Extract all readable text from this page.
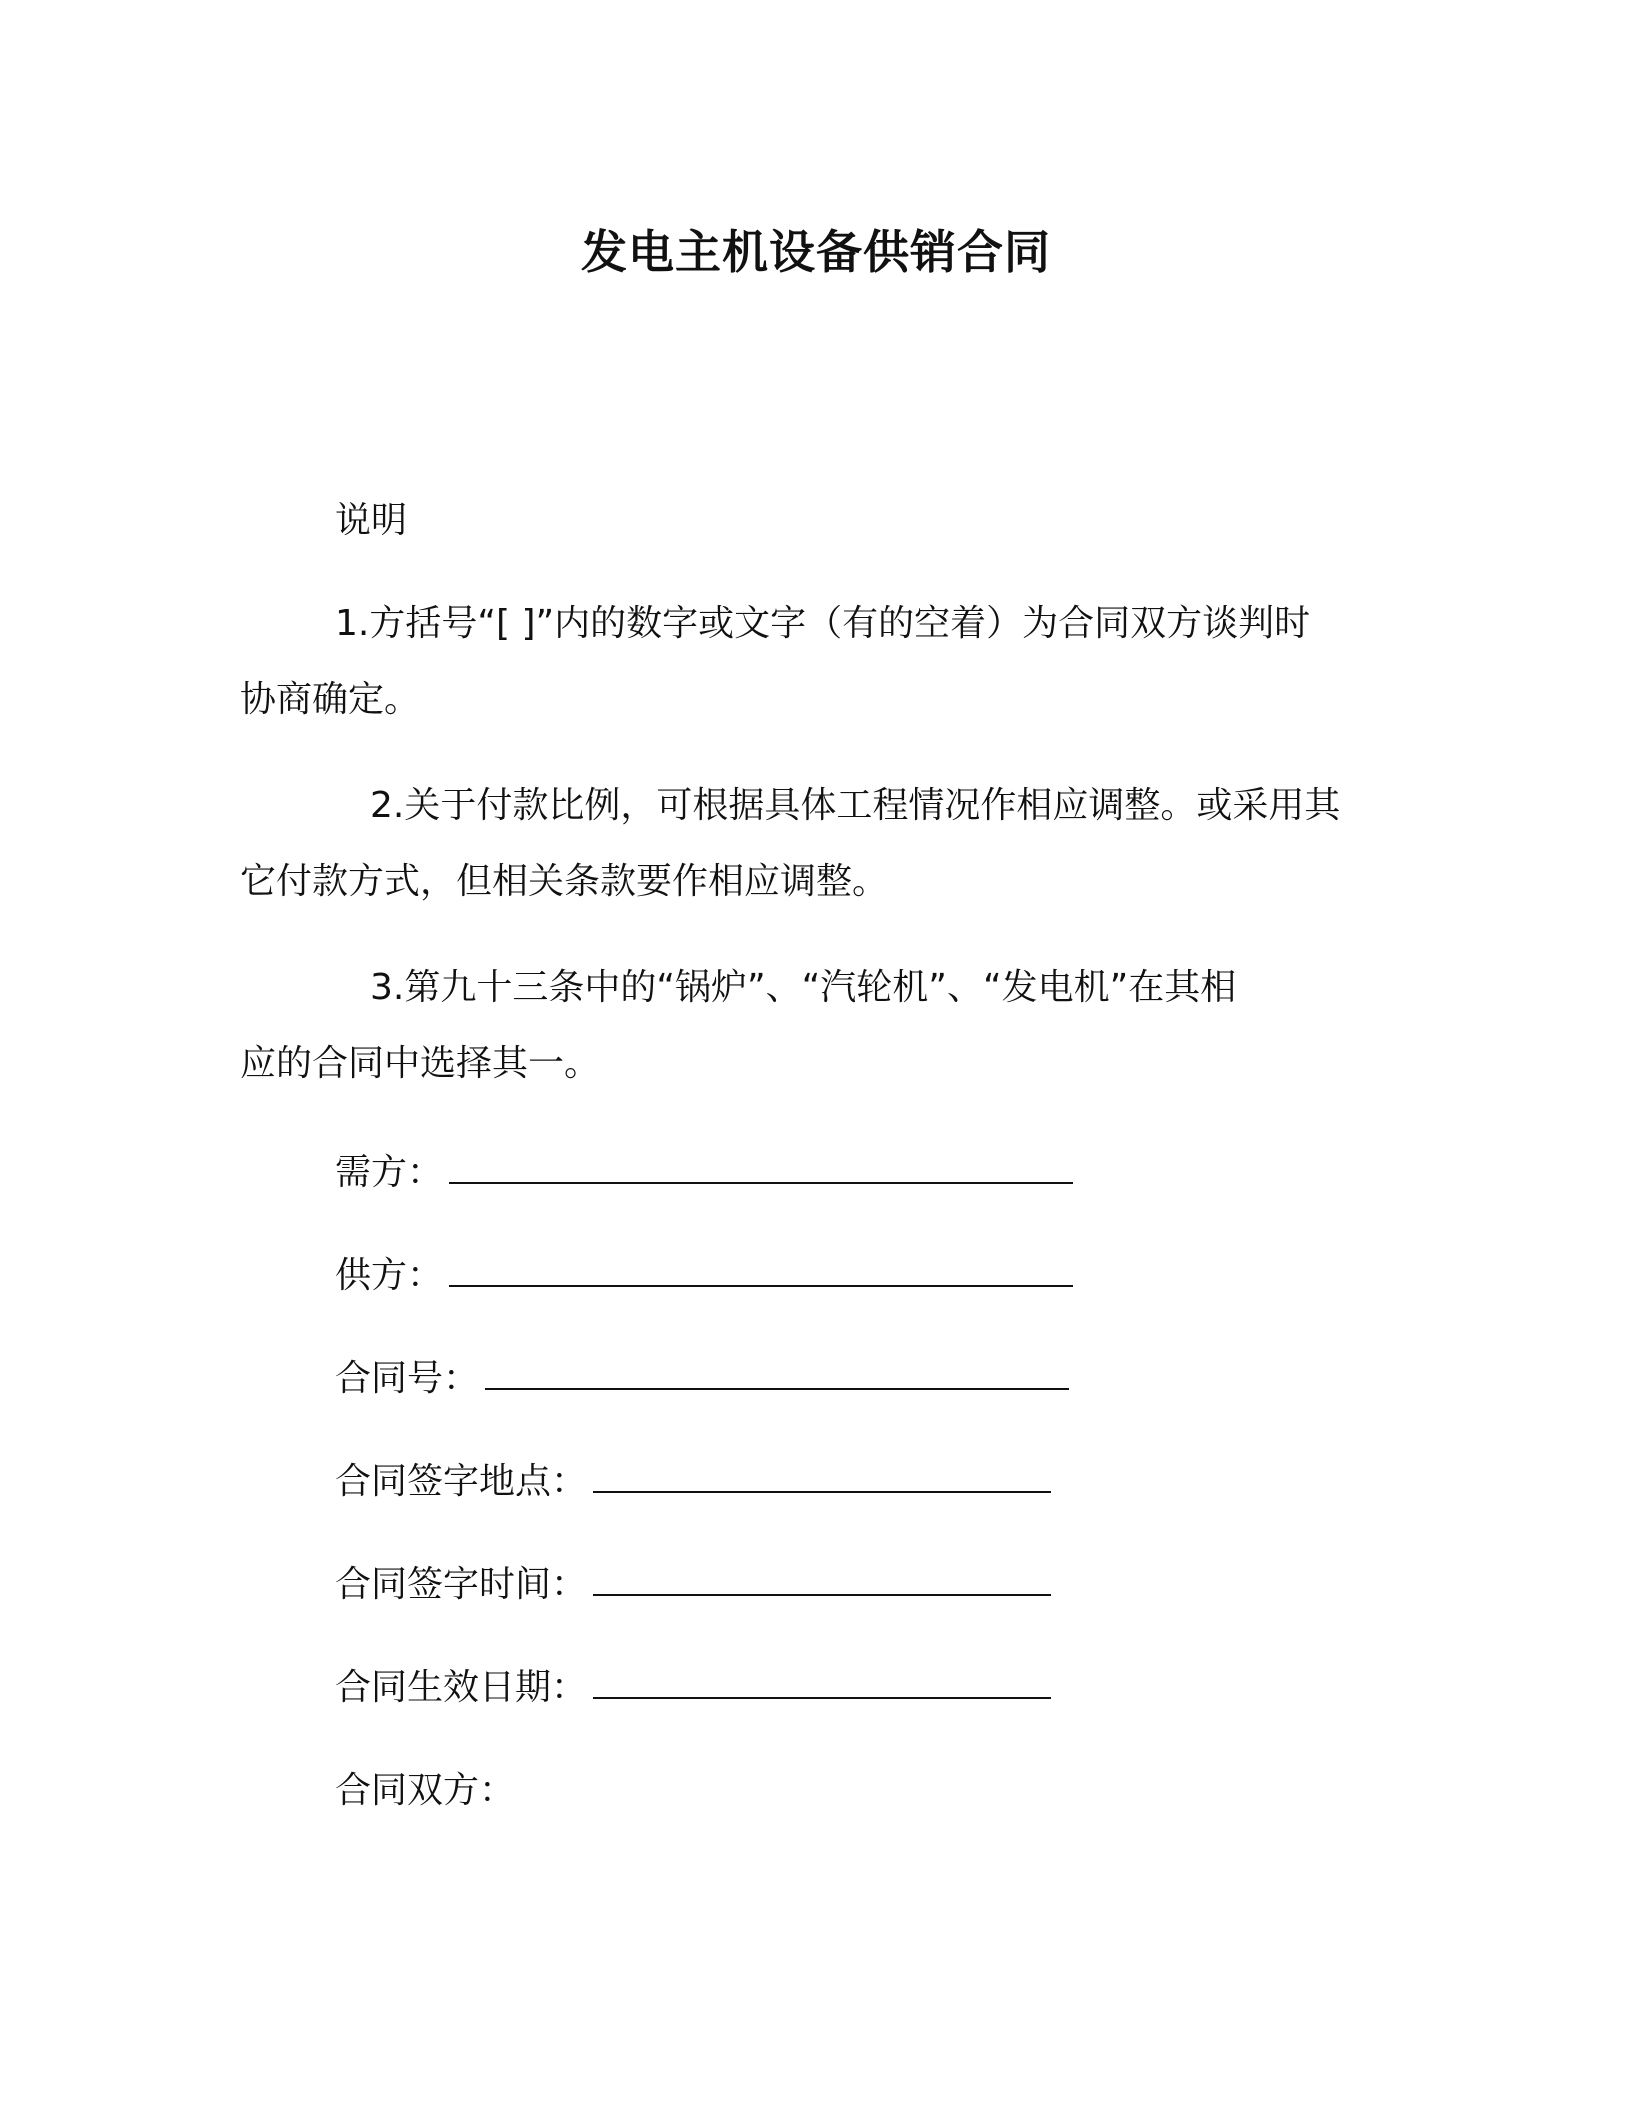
发电主机设备供销合同
说明
1.方括号“[ ]”内的数字或文字（有的空着）为合同双方谈判时
协商确定。
2.关于付款比例，可根据具体工程情况作相应调整。或采用其
它付款方式，但相关条款要作相应调整。
3.第九十三条中的“锅炉”、“汽轮机”、“发电机”在其相
应的合同中选择其一。
需方：
供方：
合同号：
合同签字地点：
合同签字时间：
合同生效日期：
合同双方：
